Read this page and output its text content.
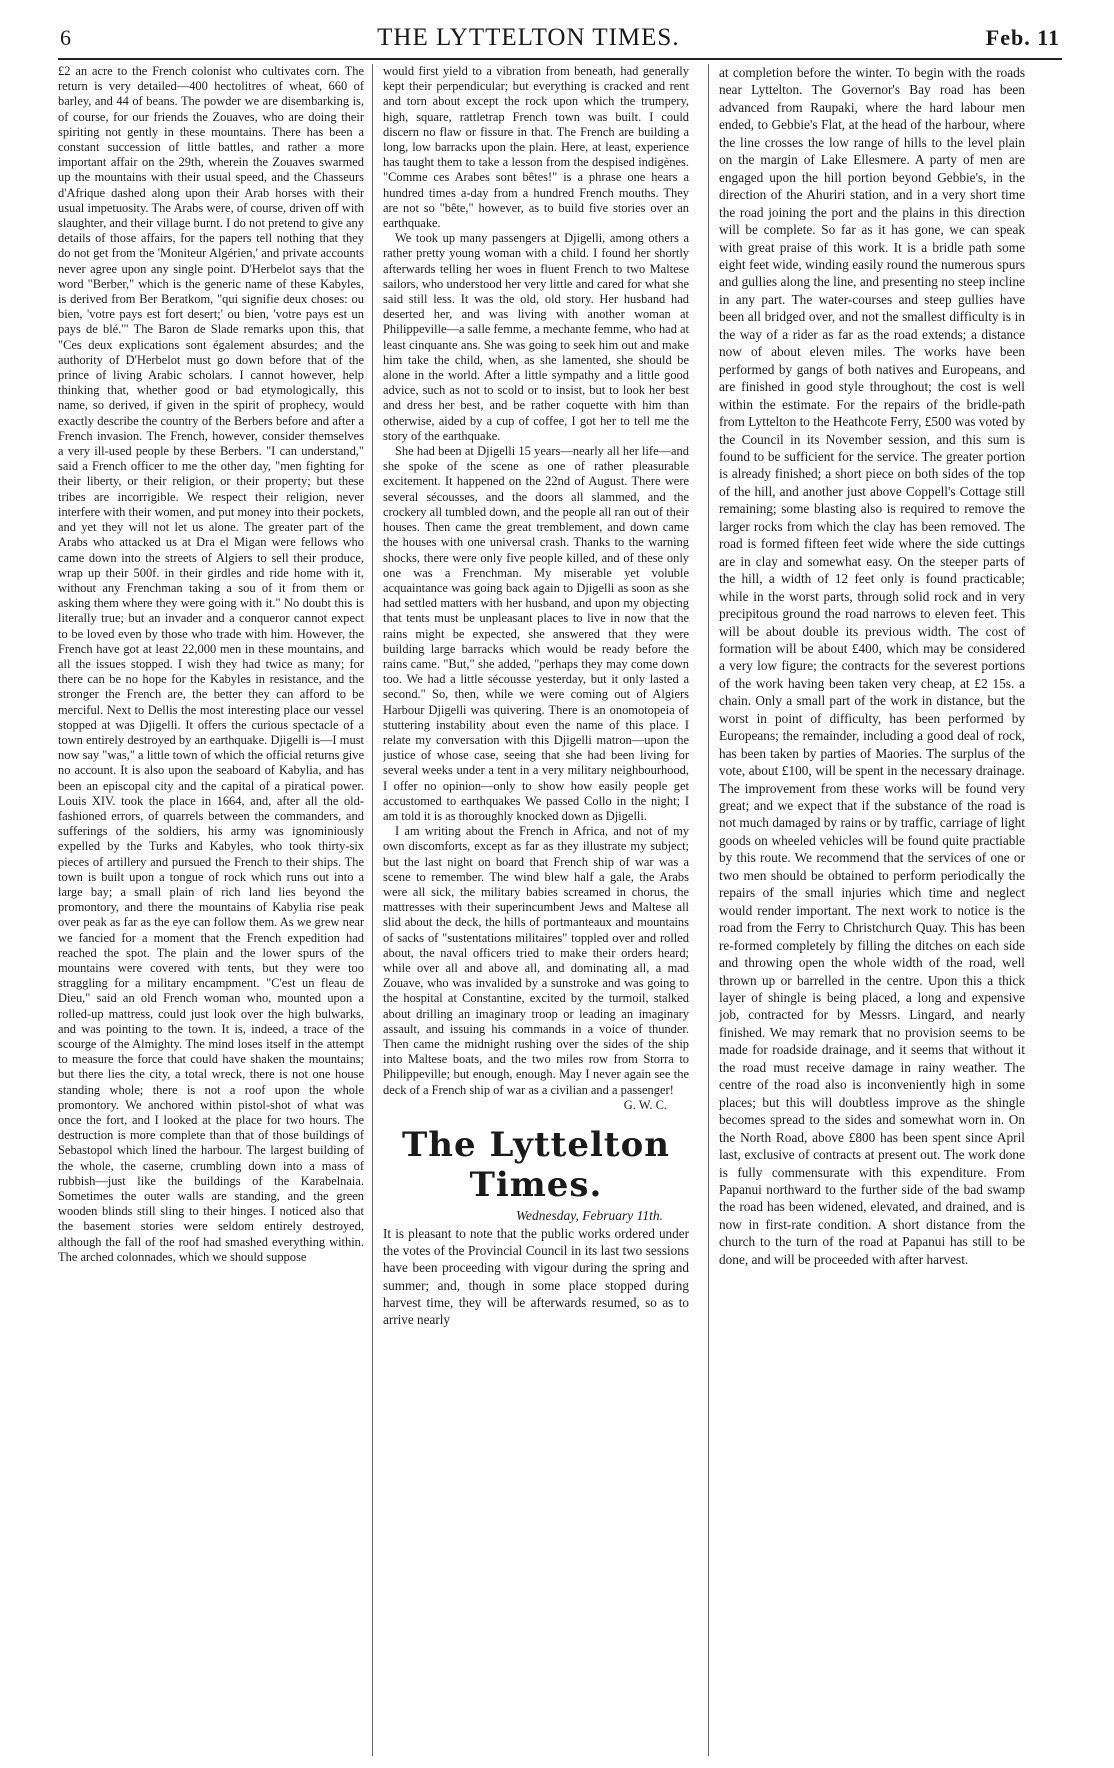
6	THE LYTTELTON TIMES.	Feb. 11

£2 an acre to the French colonist who cultivates corn. The return is very detailed—400 hectolitres of wheat, 660 of barley, and 44 of beans. The powder we are disembarking is, of course, for our friends the Zouaves, who are doing their spiriting not gently in these mountains. There has been a constant succession of little battles, and rather a more important affair on the 29th, wherein the Zouaves swarmed up the mountains with their usual speed, and the Chasseurs d'Afrique dashed along upon their Arab horses with their usual impetuosity. The Arabs were, of course, driven off with slaughter, and their village burnt. I do not pretend to give any details of those affairs, for the papers tell nothing that they do not get from the 'Moniteur Algérien,' and private accounts never agree upon any single point. D'Herbelot says that the word "Berber," which is the generic name of these Kabyles, is derived from Ber Beratkom, "qui signifie deux choses: ou bien, 'votre pays est fort desert;' ou bien, 'votre pays est un pays de blé.'" The Baron de Slade remarks upon this, that "Ces deux explications sont également absurdes; and the authority of D'Herbelot must go down before that of the prince of living Arabic scholars. I cannot however, help thinking that, whether good or bad etymologically, this name, so derived, if given in the spirit of prophecy, would exactly describe the country of the Berbers before and after a French invasion. The French, however, consider themselves a very ill-used people by these Berbers. "I can understand," said a French officer to me the other day, "men fighting for their liberty, or their religion, or their property; but these tribes are incorrigible. We respect their religion, never interfere with their women, and put money into their pockets, and yet they will not let us alone. The greater part of the Arabs who attacked us at Dra el Migan were fellows who came down into the streets of Algiers to sell their produce, wrap up their 500f. in their girdles and ride home with it, without any Frenchman taking a sou of it from them or asking them where they were going with it." No doubt this is literally true; but an invader and a conqueror cannot expect to be loved even by those who trade with him. However, the French have got at least 22,000 men in these mountains, and all the issues stopped. I wish they had twice as many; for there can be no hope for the Kabyles in resistance, and the stronger the French are, the better they can afford to be merciful. Next to Dellis the most interesting place our vessel stopped at was Djigelli. It offers the curious spectacle of a town entirely destroyed by an earthquake. Djigelli is—I must now say "was," a little town of which the official returns give no account. It is also upon the seaboard of Kabylia, and has been an episcopal city and the capital of a piratical power. Louis XIV. took the place in 1664, and, after all the old-fashioned errors, of quarrels between the commanders, and sufferings of the soldiers, his army was ignominiously expelled by the Turks and Kabyles, who took thirty-six pieces of artillery and pursued the French to their ships. The town is built upon a tongue of rock which runs out into a large bay; a small plain of rich land lies beyond the promontory, and there the mountains of Kabylia rise peak over peak as far as the eye can follow them. As we grew near we fancied for a moment that the French expedition had reached the spot. The plain and the lower spurs of the mountains were covered with tents, but they were too straggling for a military encampment. "C'est un fleau de Dieu," said an old French woman who, mounted upon a rolled-up mattress, could just look over the high bulwarks, and was pointing to the town. It is, indeed, a trace of the scourge of the Almighty. The mind loses itself in the attempt to measure the force that could have shaken the mountains; but there lies the city, a total wreck, there is not one house standing whole; there is not a roof upon the whole promontory. We anchored within pistol-shot of what was once the fort, and I looked at the place for two hours. The destruction is more complete than that of those buildings of Sebastopol which lined the harbour. The largest building of the whole, the caserne, crumbling down into a mass of rubbish—just like the buildings of the Karabelnaia. Sometimes the outer walls are standing, and the green wooden blinds still sling to their hinges. I noticed also that the basement stories were seldom entirely destroyed, although the fall of the roof had smashed everything within. The arched colonnades, which we should suppose

would first yield to a vibration from beneath, had generally kept their perpendicular; but everything is cracked and rent and torn about except the rock upon which the trumpery, high, square, rattletrap French town was built. I could discern no flaw or fissure in that. The French are building a long, low barracks upon the plain. Here, at least, experience has taught them to take a lesson from the despised indigènes. "Comme ces Arabes sont bêtes!" is a phrase one hears a hundred times a-day from a hundred French mouths. They are not so "bête," however, as to build five stories over an earthquake.

We took up many passengers at Djigelli, among others a rather pretty young woman with a child. I found her shortly afterwards telling her woes in fluent French to two Maltese sailors, who understood her very little and cared for what she said still less. It was the old, old story. Her husband had deserted her, and was living with another woman at Philippeville—a salle femme, a mechante femme, who had at least cinquante ans. She was going to seek him out and make him take the child, when, as she lamented, she should be alone in the world. After a little sympathy and a little good advice, such as not to scold or to insist, but to look her best and dress her best, and be rather coquette with him than otherwise, aided by a cup of coffee, I got her to tell me the story of the earthquake.

She had been at Djigelli 15 years—nearly all her life—and she spoke of the scene as one of rather pleasurable excitement. It happened on the 22nd of August. There were several sécousses, and the doors all slammed, and the crockery all tumbled down, and the people all ran out of their houses. Then came the great tremblement, and down came the houses with one universal crash. Thanks to the warning shocks, there were only five people killed, and of these only one was a Frenchman. My miserable yet voluble acquaintance was going back again to Djigelli as soon as she had settled matters with her husband, and upon my objecting that tents must be unpleasant places to live in now that the rains might be expected, she answered that they were building large barracks which would be ready before the rains came. "But," she added, "perhaps they may come down too. We had a little sécousse yesterday, but it only lasted a second." So, then, while we were coming out of Algiers Harbour Djigelli was quivering. There is an onomotopeia of stuttering instability about even the name of this place. I relate my conversation with this Djigelli matron—upon the justice of whose case, seeing that she had been living for several weeks under a tent in a very military neighbourhood, I offer no opinion—only to show how easily people get accustomed to earthquakes We passed Collo in the night; I am told it is as thoroughly knocked down as Djigelli.

I am writing about the French in Africa, and not of my own discomforts, except as far as they illustrate my subject; but the last night on board that French ship of war was a scene to remember. The wind blew half a gale, the Arabs were all sick, the military babies screamed in chorus, the mattresses with their superincumbent Jews and Maltese all slid about the deck, the hills of portmanteaux and mountains of sacks of "sustentations militaires" toppled over and rolled about, the naval officers tried to make their orders heard; while over all and above all, and dominating all, a mad Zouave, who was invalided by a sunstroke and was going to the hospital at Constantine, excited by the turmoil, stalked about drilling an imaginary troop or leading an imaginary assault, and issuing his commands in a voice of thunder. Then came the midnight rushing over the sides of the ship into Maltese boats, and the two miles row from Storra to Philippeville; but enough, enough. May I never again see the deck of a French ship of war as a civilian and a passenger!

G. W. C.
The Lyttelton Times.
Wednesday, February 11th.

It is pleasant to note that the public works ordered under the votes of the Provincial Council in its last two sessions have been proceeding with vigour during the spring and summer; and, though in some place stopped during harvest time, they will be afterwards resumed, so as to arrive nearly

at completion before the winter. To begin with the roads near Lyttelton. The Governor's Bay road has been advanced from Raupaki, where the hard labour men ended, to Gebbie's Flat, at the head of the harbour, where the line crosses the low range of hills to the level plain on the margin of Lake Ellesmere. A party of men are engaged upon the hill portion beyond Gebbie's, in the direction of the Ahuriri station, and in a very short time the road joining the port and the plains in this direction will be complete. So far as it has gone, we can speak with great praise of this work. It is a bridle path some eight feet wide, winding easily round the numerous spurs and gullies along the line, and presenting no steep incline in any part. The water-courses and steep gullies have been all bridged over, and not the smallest difficulty is in the way of a rider as far as the road extends; a distance now of about eleven miles. The works have been performed by gangs of both natives and Europeans, and are finished in good style throughout; the cost is well within the estimate. For the repairs of the bridle-path from Lyttelton to the Heathcote Ferry, £500 was voted by the Council in its November session, and this sum is found to be sufficient for the service. The greater portion is already finished; a short piece on both sides of the top of the hill, and another just above Coppell's Cottage still remaining; some blasting also is required to remove the larger rocks from which the clay has been removed. The road is formed fifteen feet wide where the side cuttings are in clay and somewhat easy. On the steeper parts of the hill, a width of 12 feet only is found practicable; while in the worst parts, through solid rock and in very precipitous ground the road narrows to eleven feet. This will be about double its previous width. The cost of formation will be about £400, which may be considered a very low figure; the contracts for the severest portions of the work having been taken very cheap, at £2 15s. a chain. Only a small part of the work in distance, but the worst in point of difficulty, has been performed by Europeans; the remainder, including a good deal of rock, has been taken by parties of Maories. The surplus of the vote, about £100, will be spent in the necessary drainage. The improvement from these works will be found very great; and we expect that if the substance of the road is not much damaged by rains or by traffic, carriage of light goods on wheeled vehicles will be found quite practiable by this route. We recommend that the services of one or two men should be obtained to perform periodically the repairs of the small injuries which time and neglect would render important. The next work to notice is the road from the Ferry to Christchurch Quay. This has been re-formed completely by filling the ditches on each side and throwing open the whole width of the road, well thrown up or barrelled in the centre. Upon this a thick layer of shingle is being placed, a long and expensive job, contracted for by Messrs. Lingard, and nearly finished. We may remark that no provision seems to be made for roadside drainage, and it seems that without it the road must receive damage in rainy weather. The centre of the road also is inconveniently high in some places; but this will doubtless improve as the shingle becomes spread to the sides and somewhat worn in. On the North Road, above £800 has been spent since April last, exclusive of contracts at present out. The work done is fully commensurate with this expenditure. From Papanui northward to the further side of the bad swamp the road has been widened, elevated, and drained, and is now in first-rate condition. A short distance from the church to the turn of the road at Papanui has still to be done, and will be proceeded with after harvest.
